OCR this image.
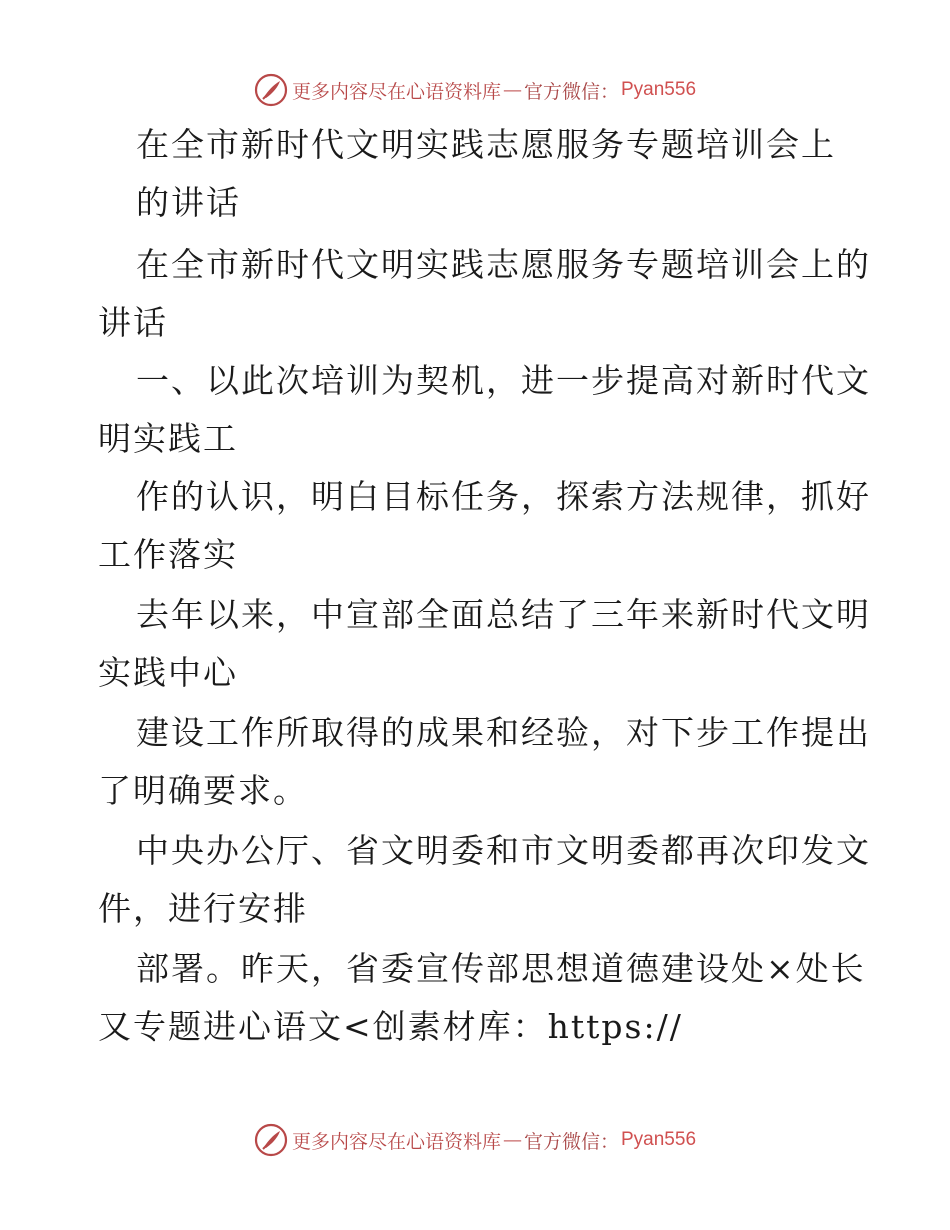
更多内容尽在心语资料库 — 官方微信： Pyan556
在全市新时代文明实践志愿服务专题培训会上
的讲话
在全市新时代文明实践志愿服务专题培训会上的
讲话
一、以此次培训为契机，进一步提高对新时代文
明实践工
作的认识，明白目标任务，探索方法规律，抓好
工作落实
去年以来，中宣部全面总结了三年来新时代文明
实践中心
建设工作所取得的成果和经验，对下步工作提出
了明确要求。
中央办公厅、省文明委和市文明委都再次印发文
件，进行安排
部署。昨天，省委宣传部思想道德建设处×处长
又专题进心语文<创素材库：https://
更多内容尽在心语资料库 — 官方微信： Pyan556
